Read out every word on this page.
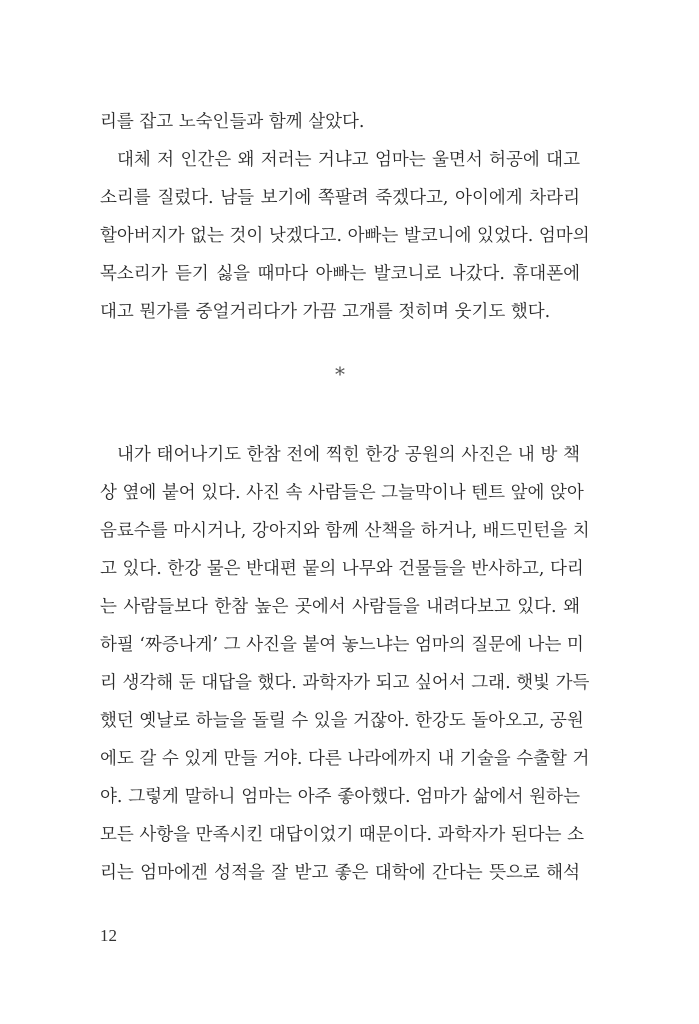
리를 잡고 노숙인들과 함께 살았다.
대체 저 인간은 왜 저러는 거냐고 엄마는 울면서 허공에 대고
소리를 질렀다. 남들 보기에 쪽팔려 죽겠다고, 아이에게 차라리
할아버지가 없는 것이 낫겠다고. 아빠는 발코니에 있었다. 엄마의
목소리가 듣기 싫을 때마다 아빠는 발코니로 나갔다. 휴대폰에
대고 뭔가를 중얼거리다가 가끔 고개를 젓히며 웃기도 했다.
*
내가 태어나기도 한참 전에 찍힌 한강 공원의 사진은 내 방 책
상 옆에 붙어 있다. 사진 속 사람들은 그늘막이나 텐트 앞에 앉아
음료수를 마시거나, 강아지와 함께 산책을 하거나, 배드민턴을 치
고 있다. 한강 물은 반대편 뭍의 나무와 건물들을 반사하고, 다리
는 사람들보다 한참 높은 곳에서 사람들을 내려다보고 있다. 왜
하필 ‘짜증나게’ 그 사진을 붙여 놓느냐는 엄마의 질문에 나는 미
리 생각해 둔 대답을 했다. 과학자가 되고 싶어서 그래. 햇빛 가득
했던 옛날로 하늘을 돌릴 수 있을 거잖아. 한강도 돌아오고, 공원
에도 갈 수 있게 만들 거야. 다른 나라에까지 내 기술을 수출할 거
야. 그렇게 말하니 엄마는 아주 좋아했다. 엄마가 삶에서 원하는
모든 사항을 만족시킨 대답이었기 때문이다. 과학자가 된다는 소
리는 엄마에겐 성적을 잘 받고 좋은 대학에 간다는 뜻으로 해석
12
